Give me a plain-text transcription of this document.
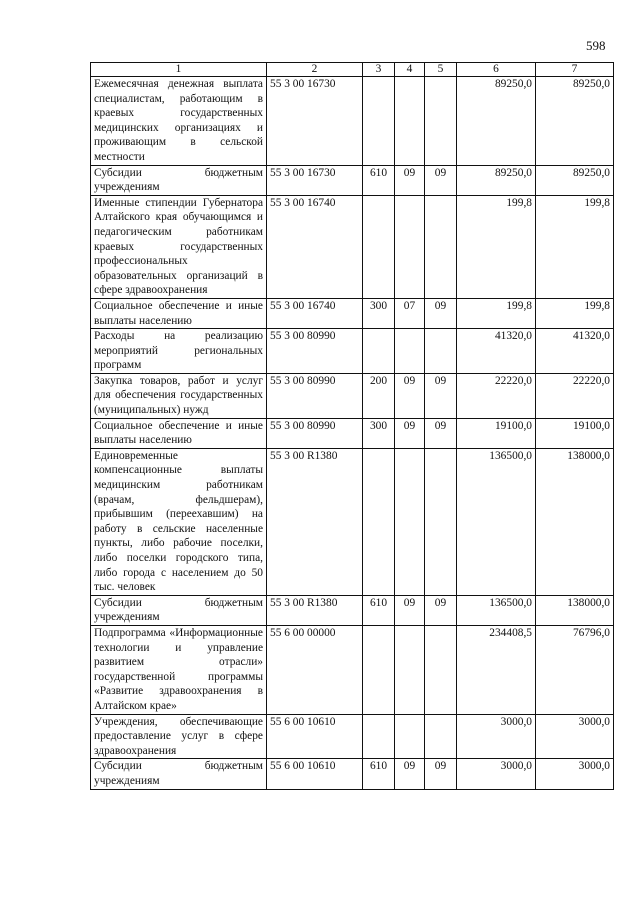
598
1	2	3	4	5	6	7
Ежемесячная денежная выплата специалистам, работающим в краевых государственных медицинских организациях и проживающим в сельской местности	55 3 00 16730				89250,0	89250,0
Субсидии бюджетным учреждениям	55 3 00 16730	610	09	09	89250,0	89250,0
Именные стипендии Губернатора Алтайского края обучающимся и педагогическим работникам краевых государственных профессиональных образовательных организаций в сфере здравоохранения	55 3 00 16740				199,8	199,8
Социальное обеспечение и иные выплаты населению	55 3 00 16740	300	07	09	199,8	199,8
Расходы на реализацию мероприятий региональных программ	55 3 00 80990				41320,0	41320,0
Закупка товаров, работ и услуг для обеспечения государственных (муниципальных) нужд	55 3 00 80990	200	09	09	22220,0	22220,0
Социальное обеспечение и иные выплаты населению	55 3 00 80990	300	09	09	19100,0	19100,0
Единовременные компенсационные выплаты медицинским работникам (врачам, фельдшерам), прибывшим (переехавшим) на работу в сельские населенные пункты, либо рабочие поселки, либо поселки городского типа, либо города с населением до 50 тыс. человек	55 3 00 R1380				136500,0	138000,0
Субсидии бюджетным учреждениям	55 3 00 R1380	610	09	09	136500,0	138000,0
Подпрограмма «Информационные технологии и управление развитием отрасли» государственной программы «Развитие здравоохранения в Алтайском крае»	55 6 00 00000				234408,5	76796,0
Учреждения, обеспечивающие предоставление услуг в сфере здравоохранения	55 6 00 10610				3000,0	3000,0
Субсидии бюджетным учреждениям	55 6 00 10610	610	09	09	3000,0	3000,0
